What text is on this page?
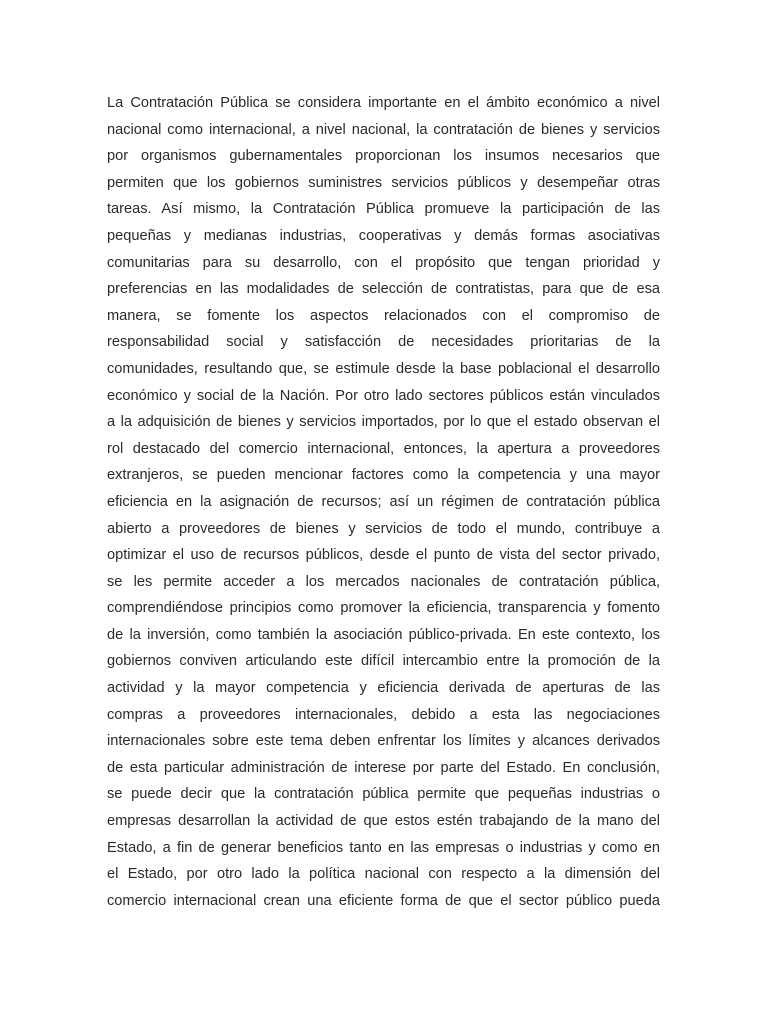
La Contratación Pública se considera importante en el ámbito económico a nivel
nacional como internacional, a nivel nacional, la contratación de bienes y servicios
por organismos gubernamentales proporcionan los insumos necesarios que
permiten que los gobiernos suministres servicios públicos y desempeñar otras
tareas. Así mismo, la Contratación Pública promueve la participación de las
pequeñas y medianas industrias, cooperativas y demás formas asociativas
comunitarias para su desarrollo, con el propósito que tengan prioridad y
preferencias en las modalidades de selección de contratistas, para que de esa
manera, se fomente los aspectos relacionados con el compromiso de
responsabilidad social y satisfacción de necesidades prioritarias de la
comunidades, resultando que, se estimule desde la base poblacional el desarrollo
económico y social de la Nación. Por otro lado sectores públicos están vinculados
a la adquisición de bienes y servicios importados, por lo que el estado observan el
rol destacado del comercio internacional, entonces, la apertura a proveedores
extranjeros, se pueden mencionar factores como la competencia y una mayor
eficiencia en la asignación de recursos; así un régimen de contratación pública
abierto a proveedores de bienes y servicios de todo el mundo, contribuye a
optimizar el uso de recursos públicos, desde el punto de vista del sector privado,
se les permite acceder a los mercados nacionales de contratación pública,
comprendiéndose principios como promover la eficiencia, transparencia y fomento
de la inversión, como también la asociación público-privada. En este contexto, los
gobiernos conviven articulando este difícil intercambio entre la promoción de la
actividad y la mayor competencia y eficiencia derivada de aperturas de las
compras a proveedores internacionales, debido a esta las negociaciones
internacionales sobre este tema deben enfrentar los límites y alcances derivados
de esta particular administración de interese por parte del Estado. En conclusión,
se puede decir que la contratación pública permite que pequeñas industrias o
empresas desarrollan la actividad de que estos estén trabajando de la mano del
Estado, a fin de generar beneficios tanto en las empresas o industrias y como en
el Estado, por otro lado la política nacional con respecto a la dimensión del
comercio internacional crean una eficiente forma de que el sector público pueda
